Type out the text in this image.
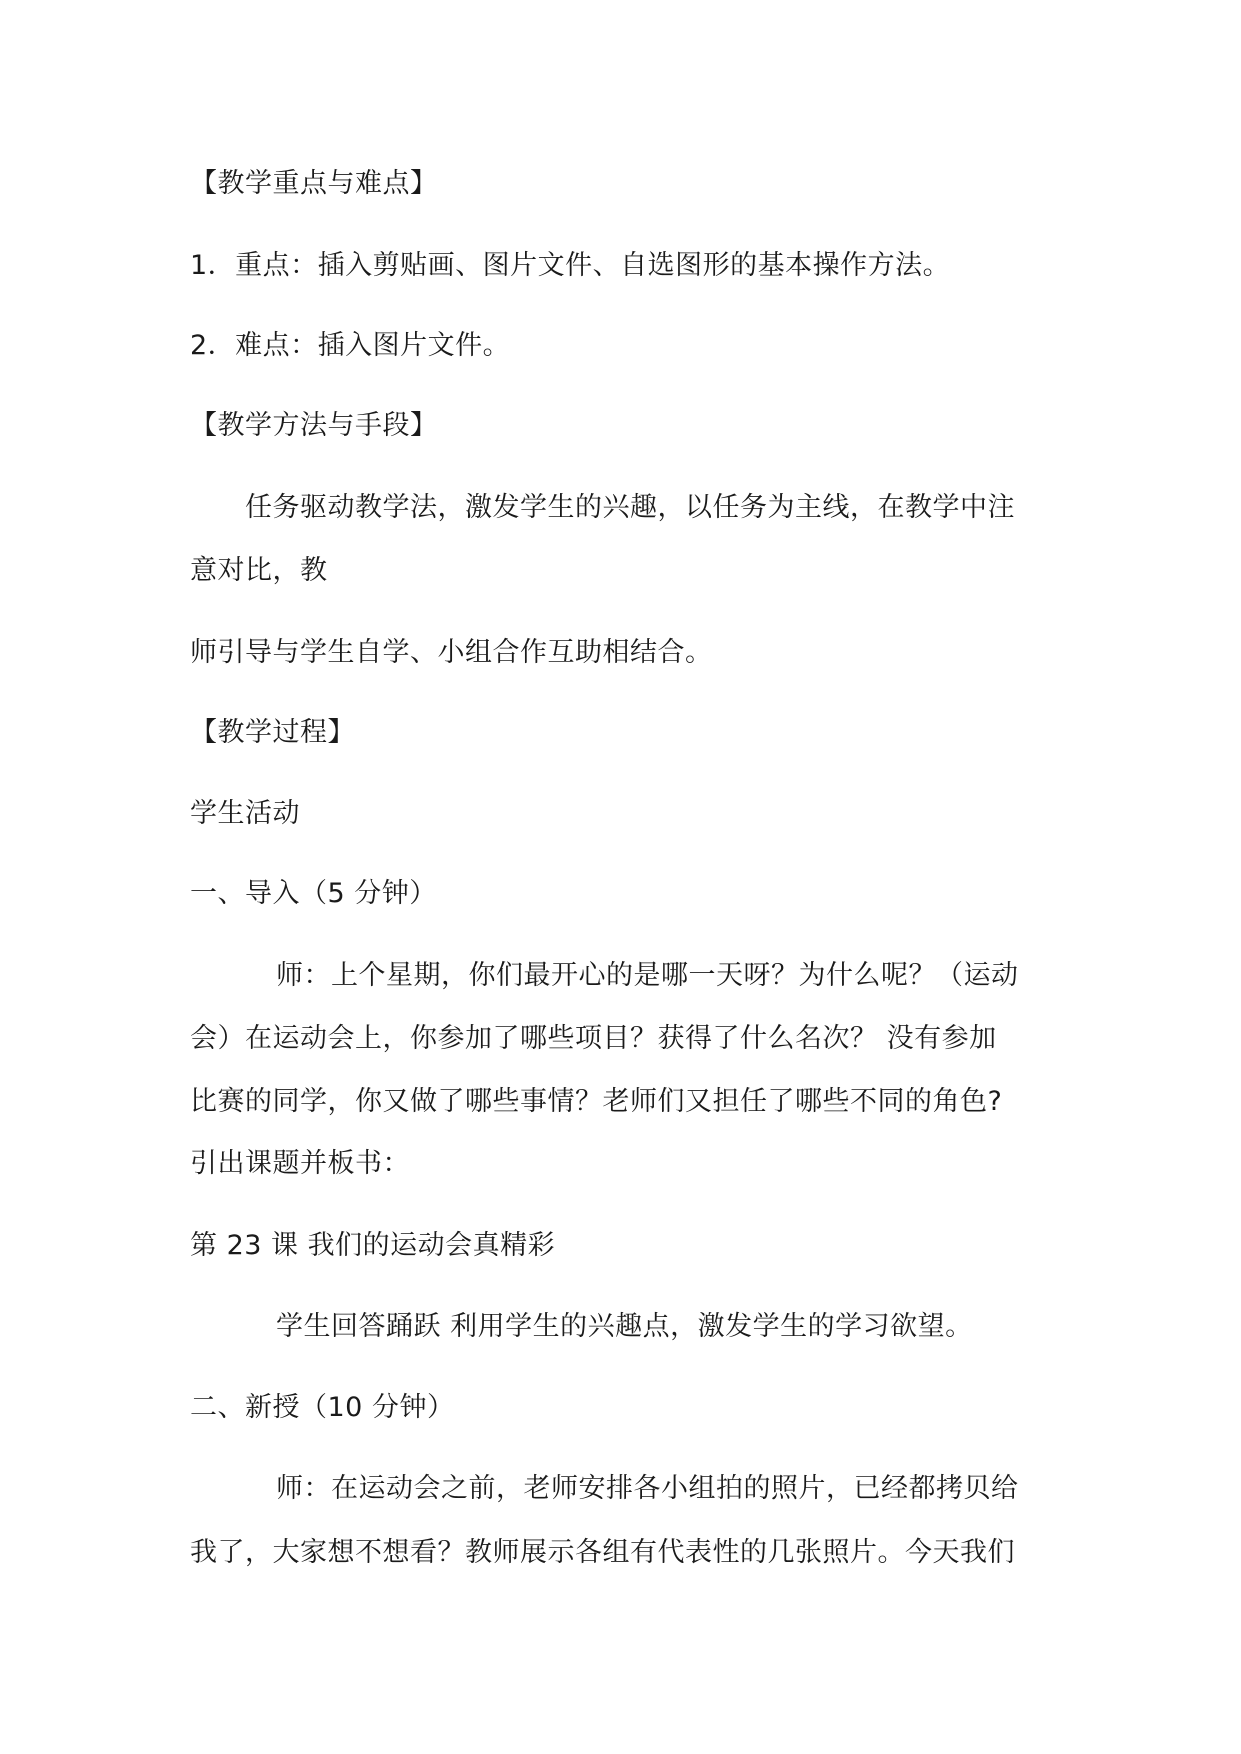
【教学重点与难点】
1．重点：插入剪贴画、图片文件、自选图形的基本操作方法。
2．难点：插入图片文件。
【教学方法与手段】
任务驱动教学法，激发学生的兴趣，以任务为主线，在教学中注
意对比，教
师引导与学生自学、小组合作互助相结合。
【教学过程】
学生活动
一、导入（5 分钟）
师：上个星期，你们最开心的是哪一天呀？为什么呢？（运动
会）在运动会上，你参加了哪些项目？获得了什么名次？ 没有参加
比赛的同学，你又做了哪些事情？老师们又担任了哪些不同的角色?
引出课题并板书：
第 23 课 我们的运动会真精彩
学生回答踊跃 利用学生的兴趣点，激发学生的学习欲望。
二、新授（10 分钟）
师：在运动会之前，老师安排各小组拍的照片，已经都拷贝给
我了，大家想不想看？教师展示各组有代表性的几张照片。今天我们
